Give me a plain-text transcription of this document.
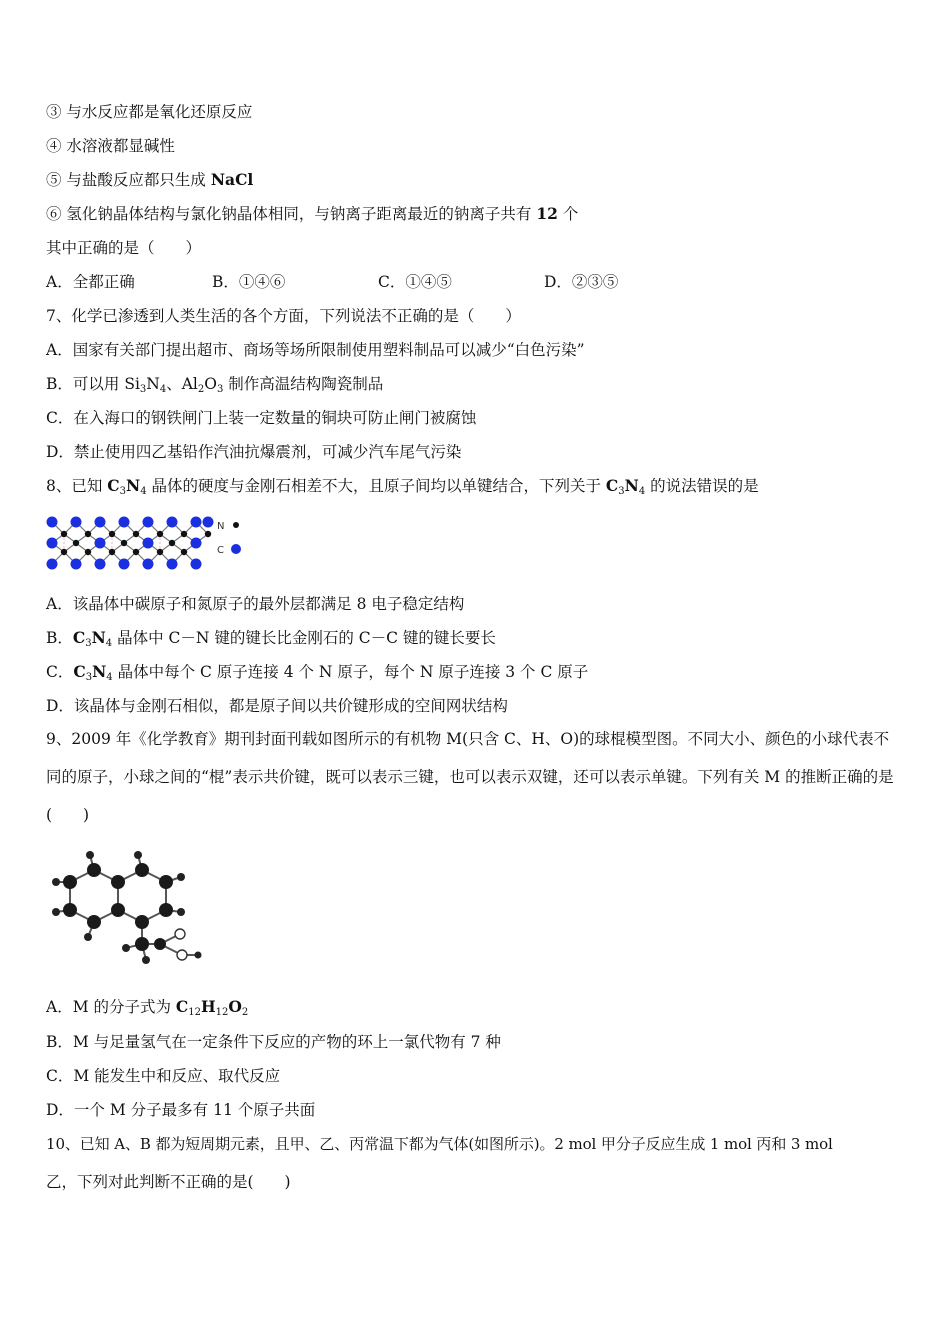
③ 与水反应都是氧化还原反应
④ 水溶液都显碱性
⑤ 与盐酸反应都只生成 NaCl
⑥ 氢化钠晶体结构与氯化钠晶体相同，与钠离子距离最近的钠离子共有 12 个
其中正确的是（　　）
A．全都正确	B．①④⑥	C．①④⑤	D．②③⑤
7、化学已渗透到人类生活的各个方面，下列说法不正确的是（　　）
A．国家有关部门提出超市、商场等场所限制使用塑料制品可以减少“白色污染”
B．可以用 $Si_3N_4$、$Al_2O_3$ 制作高温结构陶瓷制品
C．在入海口的钢铁闸门上装一定数量的铜块可防止闸门被腐蚀
D．禁止使用四乙基铅作汽油抗爆震剂，可减少汽车尾气污染
8、已知 $C_3N_4$ 晶体的硬度与金刚石相差不大，且原子间均以单键结合，下列关于 $C_3N_4$ 的说法错误的是
N
C
A．该晶体中碳原子和氮原子的最外层都满足 8 电子稳定结构
B．$C_3N_4$ 晶体中 C－N 键的键长比金刚石的 C－C 键的键长要长
C．$C_3N_4$ 晶体中每个 C 原子连接 4 个 N 原子，每个 N 原子连接 3 个 C 原子
D．该晶体与金刚石相似，都是原子间以共价键形成的空间网状结构
9、2009 年《化学教育》期刊封面刊载如图所示的有机物 M(只含 C、H、O)的球棍模型图。不同大小、颜色的小球代表不同的原子，小球之间的“棍”表示共价键，既可以表示三键，也可以表示双键，还可以表示单键。下列有关 M 的推断正确的是(　　)
A．M 的分子式为 $C_{12}H_{12}O_2$
B．M 与足量氢气在一定条件下反应的产物的环上一氯代物有 7 种
C．M 能发生中和反应、取代反应
D．一个 M 分子最多有 11 个原子共面
10、已知 A、B 都为短周期元素，且甲、乙、丙常温下都为气体(如图所示)。2 mol 甲分子反应生成 1 mol 丙和 3 mol
乙，下列对此判断不正确的是(　　)
